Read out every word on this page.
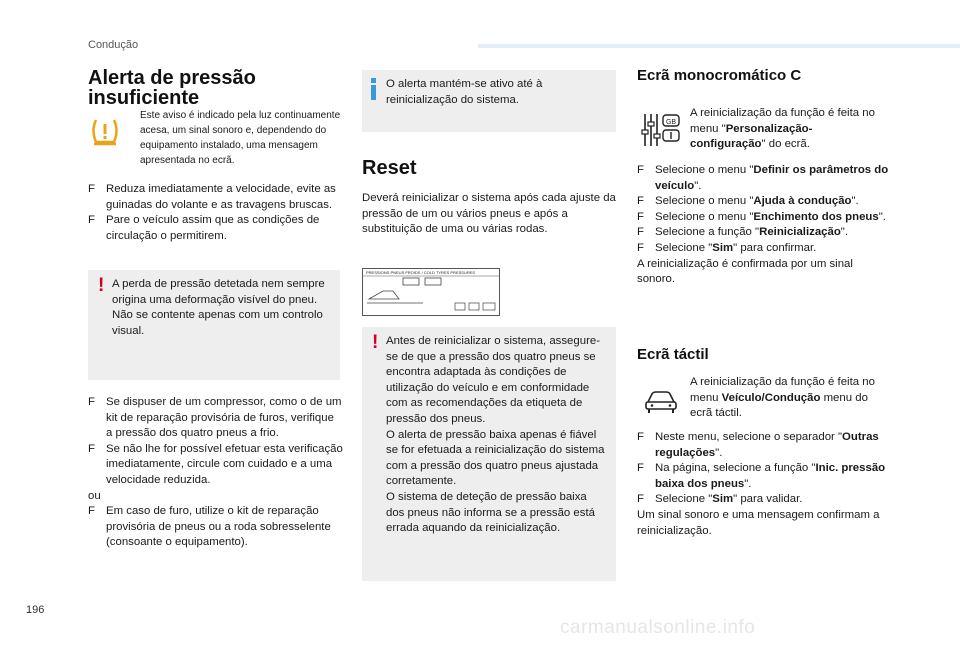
Condução
Alerta de pressão
insuficiente
Este aviso é indicado pela luz continuamente acesa, um sinal sonoro e, dependendo do equipamento instalado, uma mensagem apresentada no ecrã.
F Reduza imediatamente a velocidade, evite as guinadas do volante e as travagens bruscas.
F Pare o veículo assim que as condições de circulação o permitirem.
! A perda de pressão detetada nem sempre origina uma deformação visível do pneu. Não se contente apenas com um controlo visual.
F Se dispuser de um compressor, como o de um kit de reparação provisória de furos, verifique a pressão dos quatro pneus a frio.
F Se não lhe for possível efetuar esta verificação imediatamente, circule com cuidado e a uma velocidade reduzida.
ou
F Em caso de furo, utilize o kit de reparação provisória de pneus ou a roda sobresselente (consoante o equipamento).
O alerta mantém-se ativo até à reinicialização do sistema.
Reset
Deverá reinicializar o sistema após cada ajuste da pressão de um ou vários pneus e após a substituição de uma ou várias rodas.
PRESSIONS PNEUS FROIDS / COLD TYRES PRESSURES
! Antes de reinicializar o sistema, assegure-se de que a pressão dos quatro pneus se encontra adaptada às condições de utilização do veículo e em conformidade com as recomendações da etiqueta de pressão dos pneus.
O alerta de pressão baixa apenas é fiável se for efetuada a reinicialização do sistema com a pressão dos quatro pneus ajustada corretamente.
O sistema de deteção de pressão baixa dos pneus não informa se a pressão está errada aquando da reinicialização.
Ecrã monocromático C
GB
A reinicialização da função é feita no menu "Personalização-configuração" do ecrã.
F Selecione o menu "Definir os parâmetros do veículo".
F Selecione o menu "Ajuda à condução".
F Selecione o menu "Enchimento dos pneus".
F Selecione a função "Reinicialização".
F Selecione "Sim" para confirmar.
A reinicialização é confirmada por um sinal sonoro.
Ecrã táctil
A reinicialização da função é feita no menu Veículo/Condução menu do ecrã táctil.
F Neste menu, selecione o separador "Outras regulações".
F Na página, selecione a função "Inic. pressão baixa dos pneus".
F Selecione "Sim" para validar.
Um sinal sonoro e uma mensagem confirmam a reinicialização.
196
carmanualsonline.info
